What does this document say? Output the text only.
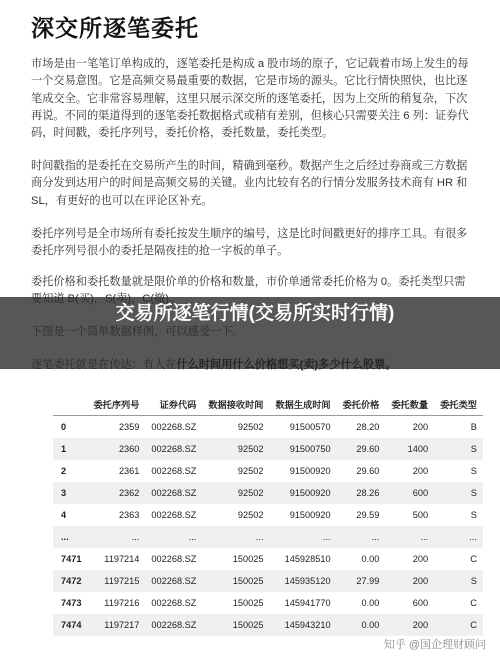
深交所逐笔委托
市场是由一笔笔订单构成的，逐笔委托是构成 a 股市场的原子，它记载着市场上发生的每一个交易意图。它是高频交易最重要的数据，它是市场的源头。它比行情快照快，也比逐笔成交全。它非常容易理解，这里只展示深交所的逐笔委托，因为上交所的稍复杂，下次再说。不同的渠道得到的逐笔委托数据格式或稍有差别，但核心只需要关注 6 列：证券代码，时间戳，委托序列号，委托价格，委托数量，委托类型。
时间戳指的是委托在交易所产生的时间，精确到毫秒。数据产生之后经过券商或三方数据商分发到达用户的时间是高频交易的关键。业内比较有名的行情分发服务技术商有 HR 和 SL，有更好的也可以在评论区补充。
委托序列号是全市场所有委托按发生顺序的编号，这是比时间戳更好的排序工具。有很多委托序列号很小的委托是隔夜挂的抢一字板的单子。
委托价格和委托数量就是限价单的价格和数量，市价单通常委托价格为 0。委托类型只需
交易所逐笔行情(交易所实时行情)
	委托序列号	证券代码	数据接收时间	数据生成时间	委托价格	委托数量	委托类型
0	2359	002268.SZ	92502	91500570	28.20	200	B
1	2360	002268.SZ	92502	91500750	29.60	1400	S
2	2361	002268.SZ	92502	91500920	29.60	200	S
3	2362	002268.SZ	92502	91500920	28.26	600	S
4	2363	002268.SZ	92502	91500920	29.59	500	S
...	...	...	...	...	...	...	...
7471	1197214	002268.SZ	150025	145928510	0.00	200	C
7472	1197215	002268.SZ	150025	145935120	27.99	200	S
7473	1197216	002268.SZ	150025	145941770	0.00	600	C
7474	1197217	002268.SZ	150025	145943210	0.00	200	C
知乎 @国企理财顾问
